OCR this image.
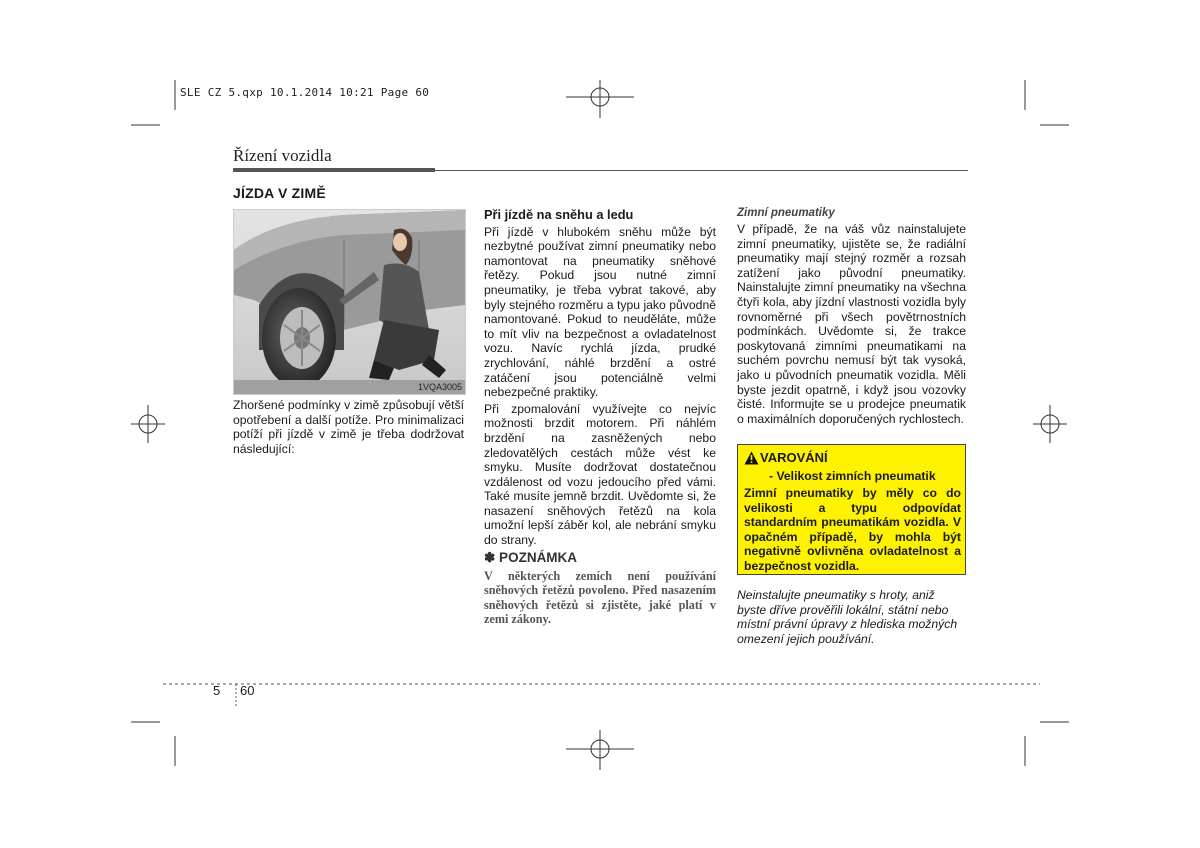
SLE CZ 5.qxp 10.1.2014 10:21 Page 60
Řízení vozidla
JÍZDA V ZIMĚ
1VQA3005

Zhoršené podmínky v zimě způsobují větší opotřebení a další potíže. Pro minimalizaci potíží při jízdě v zimě je třeba dodržovat následující:

Při jízdě na sněhu a ledu

Při jízdě v hlubokém sněhu může být nezbytné používat zimní pneumatiky nebo namontovat na pneumatiky sněhové řetězy. Pokud jsou nutné zimní pneumatiky, je třeba vybrat takové, aby byly stejného rozměru a typu jako původně namontované. Pokud to neuděláte, může to mít vliv na bezpečnost a ovladatelnost vozu. Navíc rychlá jízda, prudké zrychlování, náhlé brzdění a ostré zatáčení jsou potenciálně velmi nebezpečné praktiky.

Při zpomalování využívejte co nejvíc možnosti brzdit motorem. Při náhlém brzdění na zasněžených nebo zledovatělých cestách může vést ke smyku. Musíte dodržovat dostatečnou vzdálenost od vozu jedoucího před vámi. Také musíte jemně brzdit. Uvědomte si, že nasazení sněhových řetězů na kola umožní lepší záběr kol, ale nebrání smyku do strany.

✽ POZNÁMKA
V některých zemích není používání sněhových řetězů povoleno. Před nasazením sněhových řetězů si zjistěte, jaké platí v zemi zákony.
Zimní pneumatiky

V případě, že na váš vůz nainstalujete zimní pneumatiky, ujistěte se, že radiální pneumatiky mají stejný rozměr a rozsah zatížení jako původní pneumatiky. Nainstalujte zimní pneumatiky na všechna čtyři kola, aby jízdní vlastnosti vozidla byly rovnoměrné při všech povětrnostních podmínkách. Uvědomte si, že trakce poskytovaná zimními pneumatikami na suchém povrchu nemusí být tak vysoká, jako u původních pneumatik vozidla. Měli byste jezdit opatrně, i když jsou vozovky čisté. Informujte se u prodejce pneumatik o maximálních doporučených rychlostech.

VAROVÁNÍ
- Velikost zimních pneumatik
Zimní pneumatiky by měly co do velikosti a typu odpovídat standardním pneumatikám vozidla. V opačném případě, by mohla být negativně ovlivněna ovladatelnost a bezpečnost vozidla.
Neinstalujte pneumatiky s hroty, aniž byste dříve prověřili lokální, státní nebo místní právní úpravy z hlediska možných omezení jejich používání.
5 60
